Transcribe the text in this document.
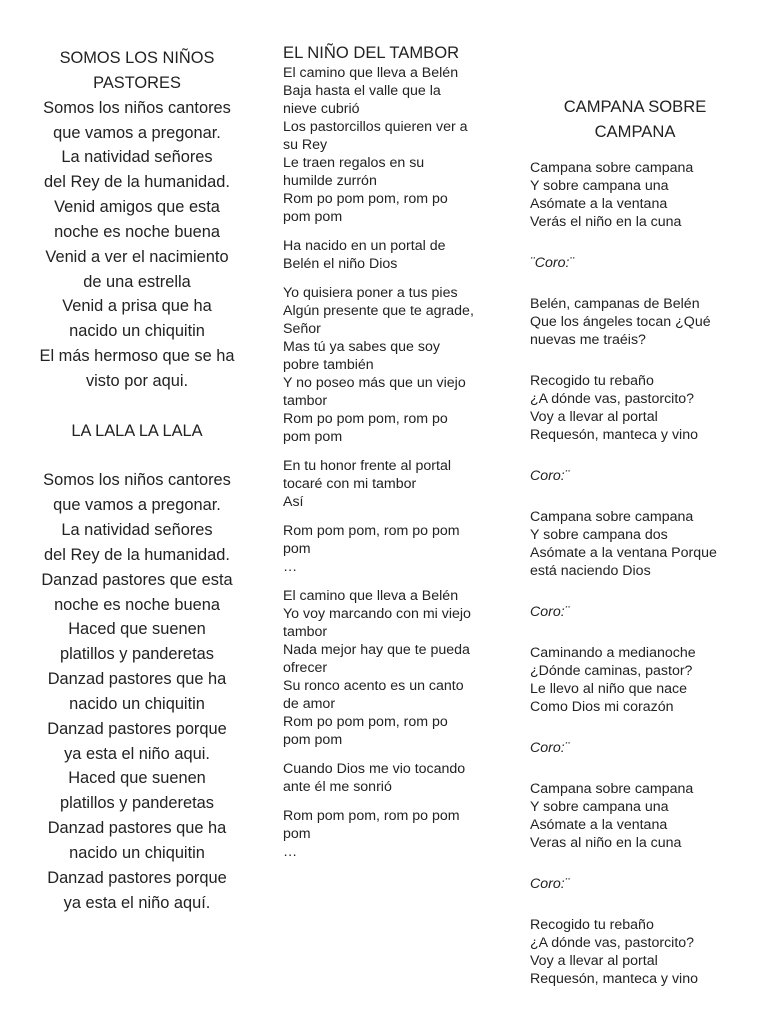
SOMOS LOS NIÑOS
PASTORES
Somos los niños cantores
que vamos a pregonar.
La natividad señores
del Rey de la humanidad.
Venid amigos que esta
noche es noche buena
Venid a ver el nacimiento
de una estrella
Venid a prisa que ha
nacido un chiquitin
El más hermoso que se ha
visto por aqui.
LA LALA LA LALA
Somos los niños cantores
que vamos a pregonar.
La natividad señores
del Rey de la humanidad.
Danzad pastores que esta
noche es noche buena
Haced que suenen
platillos y panderetas
Danzad pastores que ha
nacido un chiquitin
Danzad pastores porque
ya esta el niño aqui.
Haced que suenen
platillos y panderetas
Danzad pastores que ha
nacido un chiquitin
Danzad pastores porque
ya esta el niño aquí.
EL NIÑO DEL TAMBOR
El camino que lleva a Belén
Baja hasta el valle que la
nieve cubrió
Los pastorcillos quieren ver a
su Rey
Le traen regalos en su
humilde zurrón
Rom po pom pom, rom po
pom pom
Ha nacido en un portal de
Belén el niño Dios
Yo quisiera poner a tus pies
Algún presente que te agrade,
Señor
Mas tú ya sabes que soy
pobre también
Y no poseo más que un viejo
tambor
Rom po pom pom, rom po
pom pom
En tu honor frente al portal
tocaré con mi tambor
Así
Rom pom pom, rom po pom
pom
…
El camino que lleva a Belén
Yo voy marcando con mi viejo
tambor
Nada mejor hay que te pueda
ofrecer
Su ronco acento es un canto
de amor
Rom po pom pom, rom po
pom pom
Cuando Dios me vio tocando
ante él me sonrió
Rom pom pom, rom po pom
pom
…
CAMPANA SOBRE
CAMPANA
Campana sobre campana
Y sobre campana una
Asómate a la ventana
Verás el niño en la cuna
¨Coro:¨
Belén, campanas de Belén
Que los ángeles tocan ¿Qué
nuevas me traéis?
Recogido tu rebaño
¿A dónde vas, pastorcito?
Voy a llevar al portal
Requesón, manteca y vino
Coro:¨
Campana sobre campana
Y sobre campana dos
Asómate a la ventana Porque
está naciendo Dios
Coro:¨
Caminando a medianoche
¿Dónde caminas, pastor?
Le llevo al niño que nace
Como Dios mi corazón
Coro:¨
Campana sobre campana
Y sobre campana una
Asómate a la ventana
Veras al niño en la cuna
Coro:¨
Recogido tu rebaño
¿A dónde vas, pastorcito?
Voy a llevar al portal
Requesón, manteca y vino
